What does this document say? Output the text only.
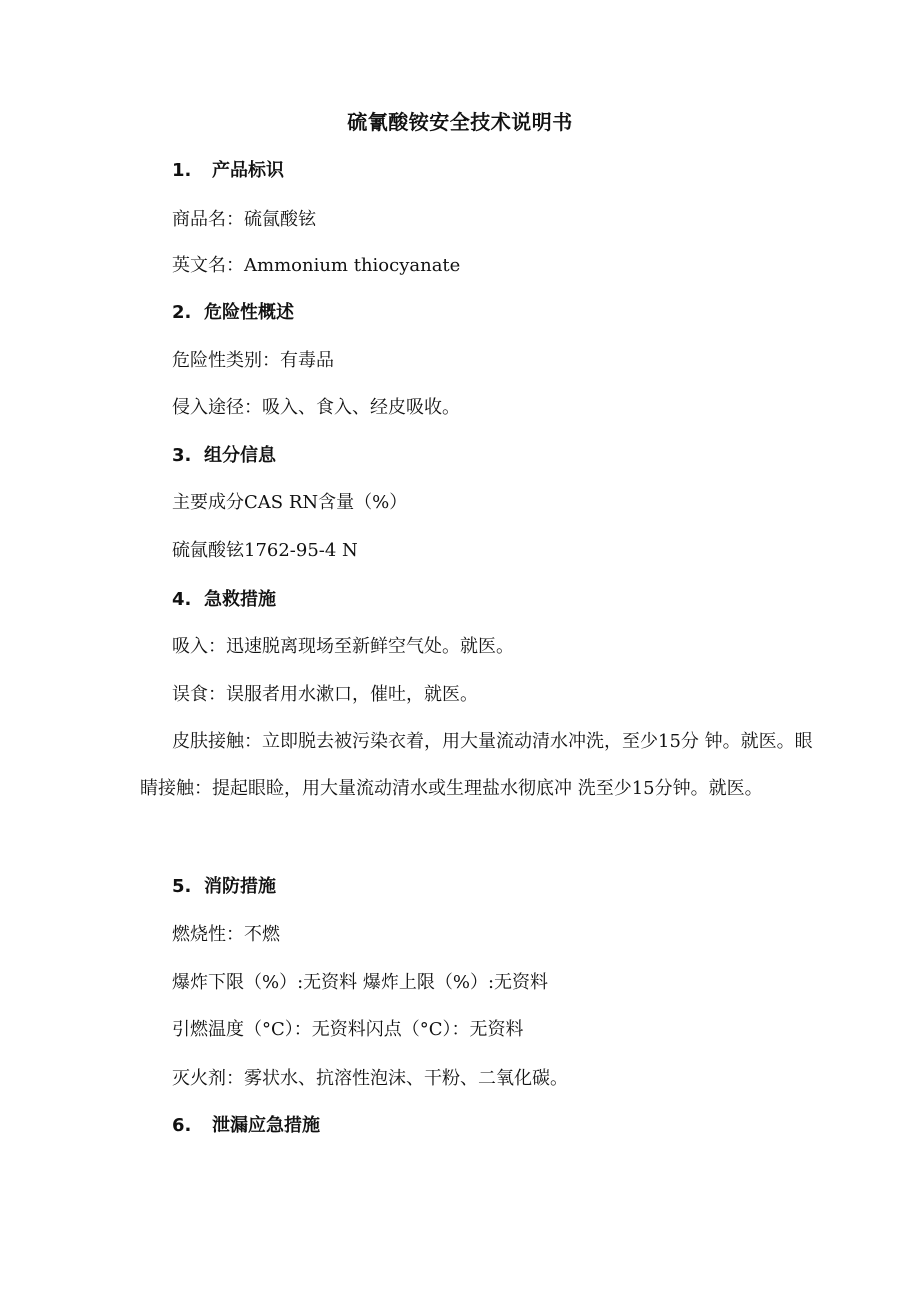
硫氰酸铵安全技术说明书
1. 产品标识
商品名：硫氤酸铉
英文名：Ammonium thiocyanate
2. 危险性概述
危险性类别：有毒品
侵入途径：吸入、食入、经皮吸收。
3. 组分信息
主要成分CAS RN含量（%）
硫氤酸铉1762-95-4 N
4. 急救措施
吸入：迅速脱离现场至新鲜空气处。就医。
误食：误服者用水漱口，催吐，就医。
皮肤接触：立即脱去被污染衣着，用大量流动清水冲洗，至少15分 钟。就医。眼睛接触：提起眼睑，用大量流动清水或生理盐水彻底冲 洗至少15分钟。就医。
5. 消防措施
燃烧性：不燃
爆炸下限（%）:无资料 爆炸上限（%）:无资料
引燃温度（°C）：无资料闪点（°C）：无资料
灭火剂：雾状水、抗溶性泡沫、干粉、二氧化碳。
6. 泄漏应急措施
